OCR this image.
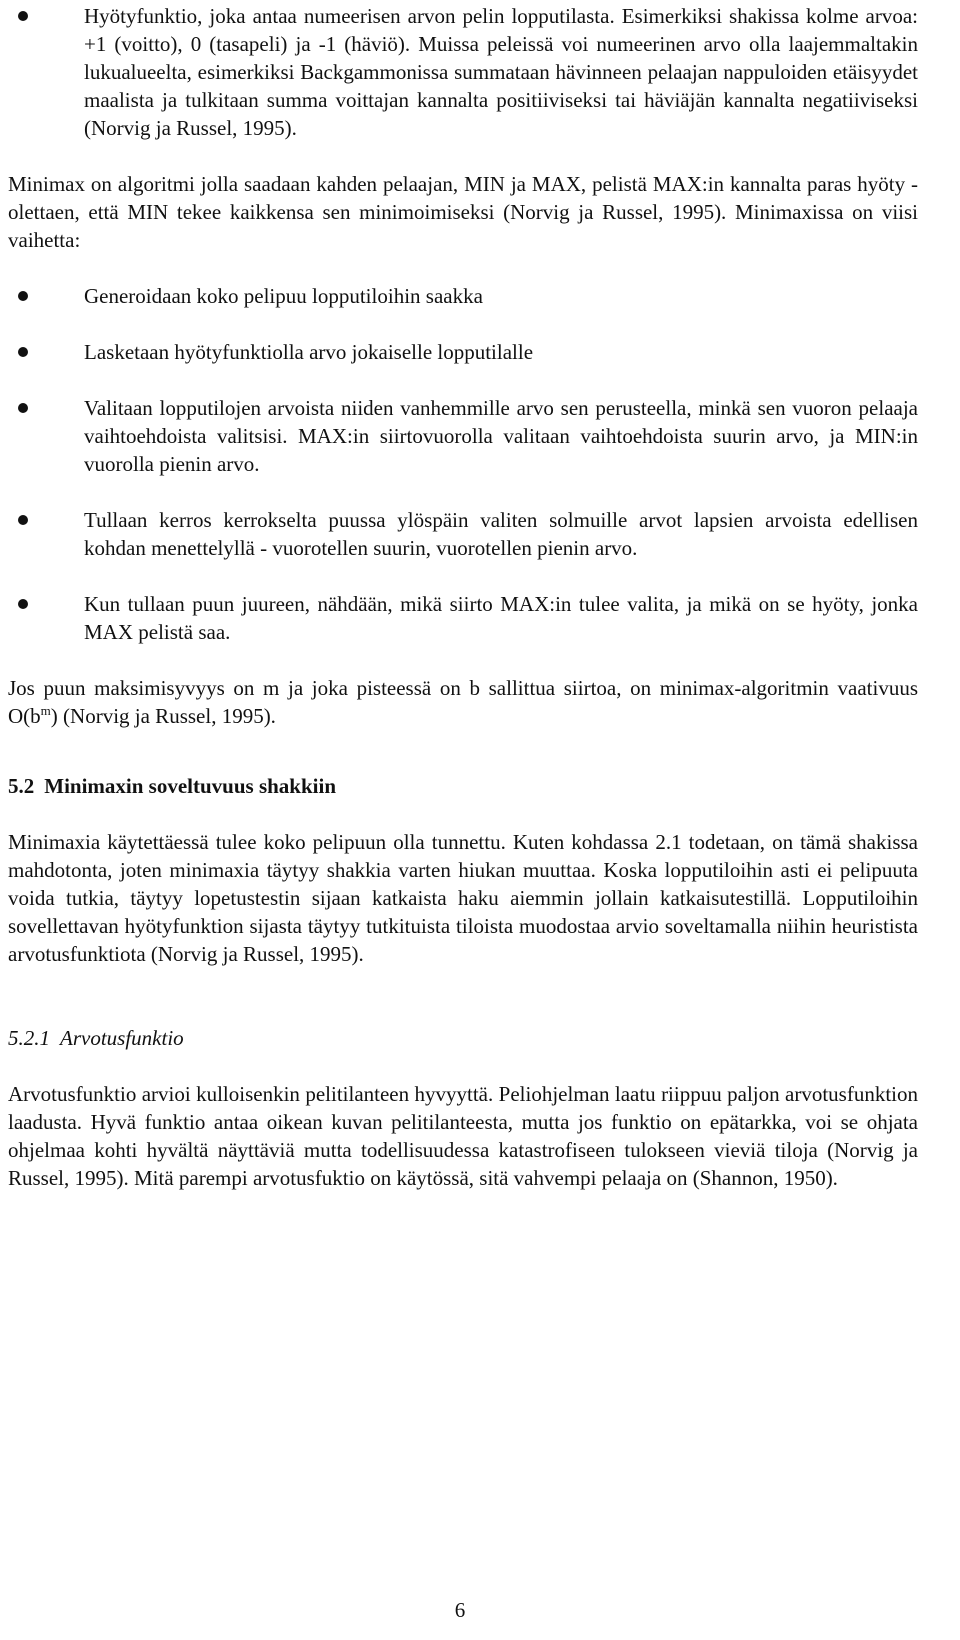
Hyötyfunktio, joka antaa numeerisen arvon pelin lopputilasta. Esimerkiksi shakissa kolme arvoa: +1 (voitto), 0 (tasapeli) ja -1 (häviö). Muissa peleissä voi numeerinen arvo olla laajemmaltakin lukualueelta, esimerkiksi Backgammonissa summataan hävinneen pelaajan nappuloiden etäisyydet maalista ja tulkitaan summa voittajan kannalta positiiviseksi tai häviäjän kannalta negatiiviseksi (Norvig ja Russel, 1995).

Minimax on algoritmi jolla saadaan kahden pelaajan, MIN ja MAX, pelistä MAX:in kannalta paras hyöty - olettaen, että MIN tekee kaikkensa sen minimoimiseksi (Norvig ja Russel, 1995). Minimaxissa on viisi vaihetta:

Generoidaan koko pelipuu lopputiloihin saakka
Lasketaan hyötyfunktiolla arvo jokaiselle lopputilalle
Valitaan lopputilojen arvoista niiden vanhemmille arvo sen perusteella, minkä sen vuoron pelaaja vaihtoehdoista valitsisi. MAX:in siirtovuorolla valitaan vaihtoehdoista suurin arvo, ja MIN:in vuorolla pienin arvo.
Tullaan kerros kerrokselta puussa ylöspäin valiten solmuille arvot lapsien arvoista edellisen kohdan menettelyllä - vuorotellen suurin, vuorotellen pienin arvo.
Kun tullaan puun juureen, nähdään, mikä siirto MAX:in tulee valita, ja mikä on se hyöty, jonka MAX pelistä saa.

Jos puun maksimisyvyys on m ja joka pisteessä on b sallittua siirtoa, on minimax-algoritmin vaativuus $O(b^m)$ (Norvig ja Russel, 1995).

5.2 Minimaxin soveltuvuus shakkiin

Minimaxia käytettäessä tulee koko pelipuun olla tunnettu. Kuten kohdassa 2.1 todetaan, on tämä shakissa mahdotonta, joten minimaxia täytyy shakkia varten hiukan muuttaa. Koska lopputiloihin asti ei pelipuuta voida tutkia, täytyy lopetustestin sijaan katkaista haku aiemmin jollain katkaisutestillä. Lopputiloihin sovellettavan hyötyfunktion sijasta täytyy tutkituista tiloista muodostaa arvio soveltamalla niihin heuristista arvotusfunktiota (Norvig ja Russel, 1995).

5.2.1 Arvotusfunktio

Arvotusfunktio arvioi kulloisenkin pelitilanteen hyvyyttä. Peliohjelman laatu riippuu paljon arvotusfunktion laadusta. Hyvä funktio antaa oikean kuvan pelitilanteesta, mutta jos funktio on epätarkka, voi se ohjata ohjelmaa kohti hyvältä näyttäviä mutta todellisuudessa katastrofiseen tulokseen vieviä tiloja (Norvig ja Russel, 1995). Mitä parempi arvotusfuktio on käytössä, sitä vahvempi pelaaja on (Shannon, 1950).

6
